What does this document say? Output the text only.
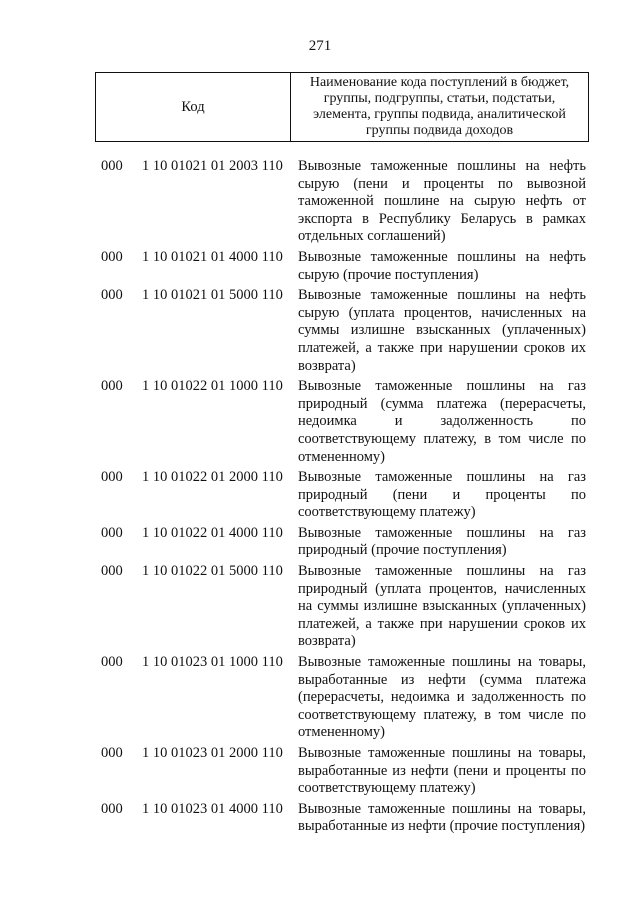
271
Код
Наименование кода поступлений в бюджет, группы, подгруппы, статьи, подстатьи, элемента, группы подвида, аналитической группы подвида доходов
000 1 10 01021 01 2003 110 Вывозные таможенные пошлины на нефть
сырую (пени и проценты по вывозной
таможенной пошлине на сырую нефть от
экспорта в Республику Беларусь в рамках
отдельных соглашений)
000 1 10 01021 01 4000 110 Вывозные таможенные пошлины на нефть
сырую (прочие поступления)
000 1 10 01021 01 5000 110 Вывозные таможенные пошлины на нефть
сырую (уплата процентов, начисленных на
суммы излишне взысканных (уплаченных)
платежей, а также при нарушении сроков их
возврата)
000 1 10 01022 01 1000 110 Вывозные таможенные пошлины на газ
природный (сумма платежа (перерасчеты,
недоимка и задолженность по
соответствующему платежу, в том числе по
отмененному)
000 1 10 01022 01 2000 110 Вывозные таможенные пошлины на газ
природный (пени и проценты по
соответствующему платежу)
000 1 10 01022 01 4000 110 Вывозные таможенные пошлины на газ
природный (прочие поступления)
000 1 10 01022 01 5000 110 Вывозные таможенные пошлины на газ
природный (уплата процентов, начисленных
на суммы излишне взысканных (уплаченных)
платежей, а также при нарушении сроков их
возврата)
000 1 10 01023 01 1000 110 Вывозные таможенные пошлины на товары,
выработанные из нефти (сумма платежа
(перерасчеты, недоимка и задолженность по
соответствующему платежу, в том числе по
отмененному)
000 1 10 01023 01 2000 110 Вывозные таможенные пошлины на товары,
выработанные из нефти (пени и проценты по
соответствующему платежу)
000 1 10 01023 01 4000 110 Вывозные таможенные пошлины на товары,
выработанные из нефти (прочие поступления)
